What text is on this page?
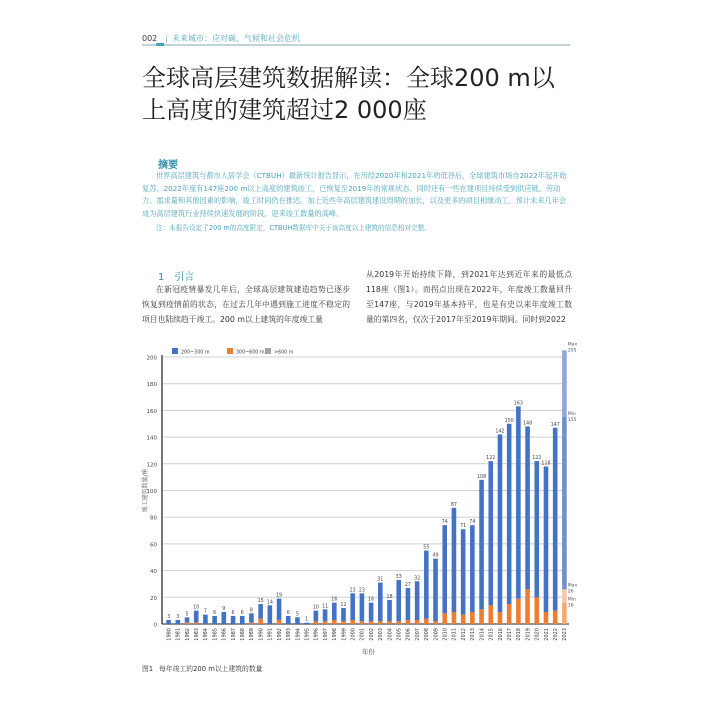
002 | 未来城市：应对碳、气候和社会危机
全球高层建筑数据解读：全球200 m以上高度的建筑超过2 000座
摘要
世界高层建筑与都市人居学会（CTBUH）最新统计报告显示，在历经2020年和2021年的低谷后，全球建筑市场自2022年起开始复苏。2022年度有147座200 m以上高度的建筑竣工，已恢复至2019年的常规状态。同时还有一些在建项目持续受到供应链、劳动力、需求量和其他因素的影响，竣工时间仍在推迟。加上近些年高层建筑建设周期的加长，以及更多的项目相继动工，预计未来几年会成为高层建筑行业持续快速发展的阶段，迎来竣工数量的高峰。
注：本报告设定了200 m的高度限定，CTBUH数据库中关于该高度以上建筑的信息相对完整。
1　引言
在新冠疫情暴发几年后，全球高层建筑建造趋势已逐步恢复到疫情前的状态，在过去几年中遇到施工进度不稳定的项目也陆续趋于竣工。200 m以上建筑的年度竣工量
从2019年开始持续下降，到2021年达到近年来的最低点118座（图1）。而拐点出现在2022年，年度竣工数量回升至147座，与2019年基本持平，也是有史以来年度竣工数量的第四名，仅次于2017年至2019年期间。同时到2022
0
20
40
60
80
100
120
140
160
180
200
竣工建筑数量/座
年份
200~300 m	300~600 m >600 m
1980
3
1981
3
1982
5
1983
10
1984
7
1985
6
1986
9
1987
6
1988
6
1989
8
1990
15
1991
14
1992
19
1993
6
1994
5
1995
1
1996
10
1997
11
1998
16
1999
12
2000
23
2001
23
2002
16
2003
31
2004
18
2005
33
2006
27
2007
32
2008
55
2009
49
2010
74
2011
87
2012
71
2013
74
2014
108
2015
122
2016
142
2017
150
2018
163
2019
148
2020
122
2021
118
2022
147
2023
Max
205
Min
155
Max
26
Min
16
图1 每年竣工的200 m以上建筑的数量
